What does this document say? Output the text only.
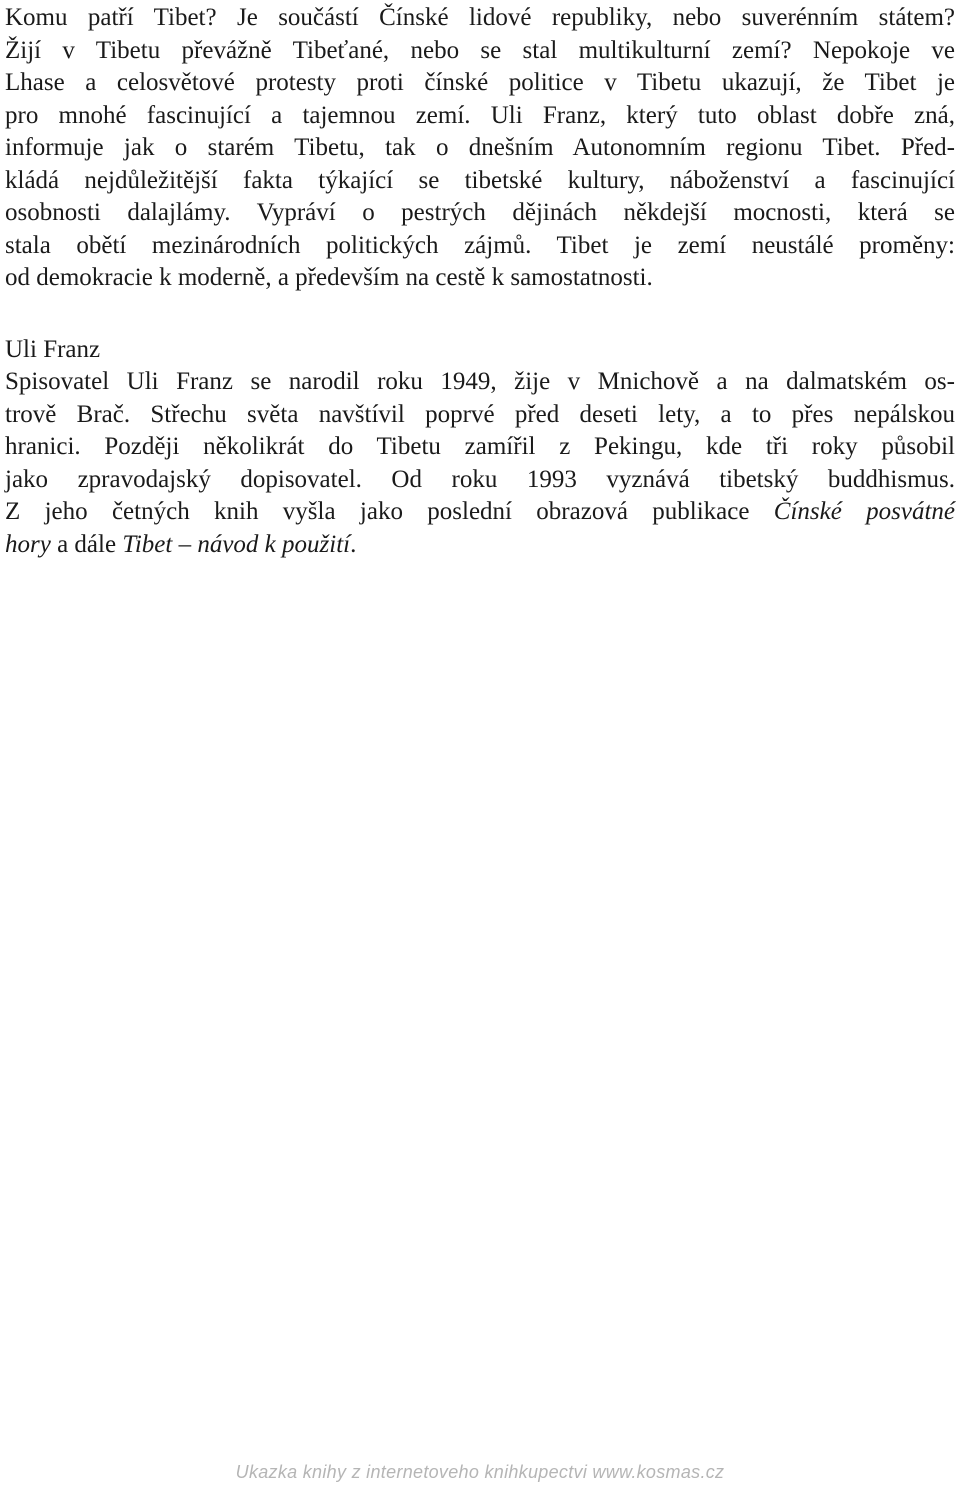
Komu patří Tibet? Je součástí Čínské lidové republiky, nebo suverénním státem?
Žijí v Tibetu převážně Tibeťané, nebo se stal multikulturní zemí? Nepokoje ve
Lhase a celosvětové protesty proti čínské politice v Tibetu ukazují, že Tibet je
pro mnohé fascinující a tajemnou zemí. Uli Franz, který tuto oblast dobře zná,
informuje jak o starém Tibetu, tak o dnešním Autonomním regionu Tibet. Před-
kládá nejdůležitější fakta týkající se tibetské kultury, náboženství a fascinující
osobnosti dalajlámy. Vypráví o pestrých dějinách někdejší mocnosti, která se
stala obětí mezinárodních politických zájmů. Tibet je zemí neustálé proměny:
od demokracie k moderně, a především na cestě k samostatnosti.
Uli Franz
Spisovatel Uli Franz se narodil roku 1949, žije v Mnichově a na dalmatském os-
trově Brač. Střechu světa navštívil poprvé před deseti lety, a to přes nepálskou
hranici. Později několikrát do Tibetu zamířil z Pekingu, kde tři roky působil
jako zpravodajský dopisovatel. Od roku 1993 vyznává tibetský buddhismus.
Z jeho četných knih vyšla jako poslední obrazová publikace Čínské posvátné
hory a dále Tibet – návod k použití.
Ukazka knihy z internetoveho knihkupectvi www.kosmas.cz
